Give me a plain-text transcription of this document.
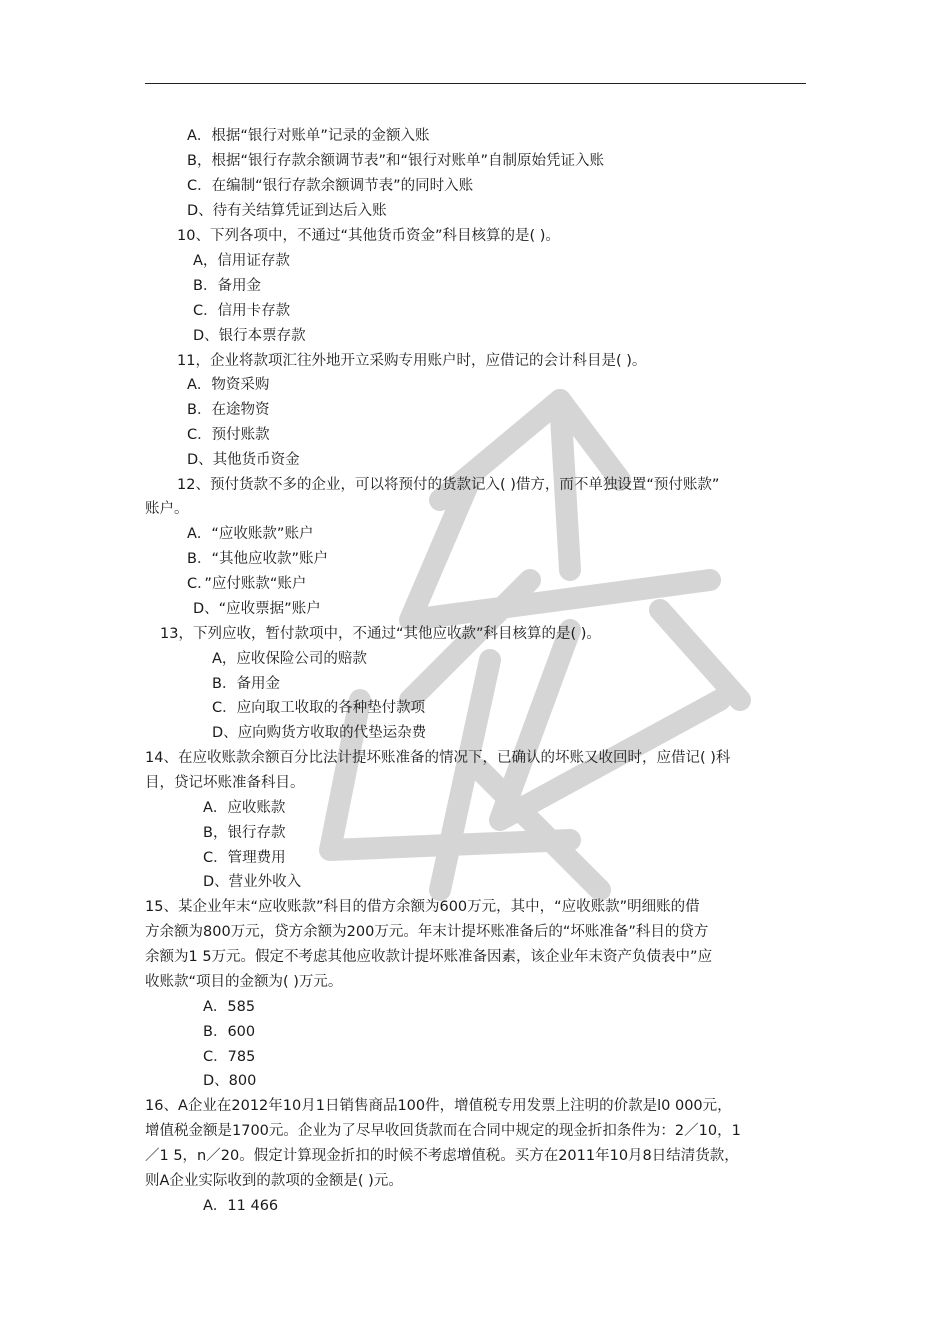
A．根据“银行对账单”记录的金额入账
B，根据“银行存款余额调节表”和“银行对账单”自制原始凭证入账
C．在编制“银行存款余额调节表”的同时入账
D、待有关结算凭证到达后入账
10、下列各项中，不通过“其他货币资金”科目核算的是( )。
A，信用证存款
B．备用金
C．信用卡存款
D、银行本票存款
11，企业将款项汇往外地开立采购专用账户时，应借记的会计科目是( )。
A．物资采购
B．在途物资
C．预付账款
D、其他货币资金
12、预付货款不多的企业，可以将预付的货款记入( )借方，而不单独设置“预付账款”
账户。
A．“应收账款”账户
B．“其他应收款”账户
C．”应付账款“账户
D、“应收票据”账户
13，下列应收，暂付款项中，不通过“其他应收款”科目核算的是( )。
A，应收保险公司的赔款
B．备用金
C．应向取工收取的各种垫付款项
D、应向购货方收取的代垫运杂费
14、在应收账款余额百分比法计提坏账准备的情况下，已确认的坏账又收回时，应借记( )科
目，贷记坏账准备科目。
A．应收账款
B，银行存款
C．管理费用
D、营业外收入
15、某企业年末“应收账款”科目的借方余额为600万元，其中，“应收账款”明细账的借
方余额为800万元，贷方余额为200万元。年末计提坏账准备后的“坏账准备”科目的贷方
余额为1 5万元。假定不考虑其他应收款计提坏账准备因素，该企业年末资产负债表中”应
收账款“项目的金额为( )万元。
A．585
B．600
C．785
D、800
16、A企业在2012年10月1日销售商品100件，增值税专用发票上注明的价款是l0 000元，
增值税金额是1700元。企业为了尽早收回货款而在合同中规定的现金折扣条件为：2／10，1
／1 5，n／20。假定计算现金折扣的时候不考虑增值税。买方在2011年10月8日结清货款，
则A企业实际收到的款项的金额是( )元。
A．11 466
